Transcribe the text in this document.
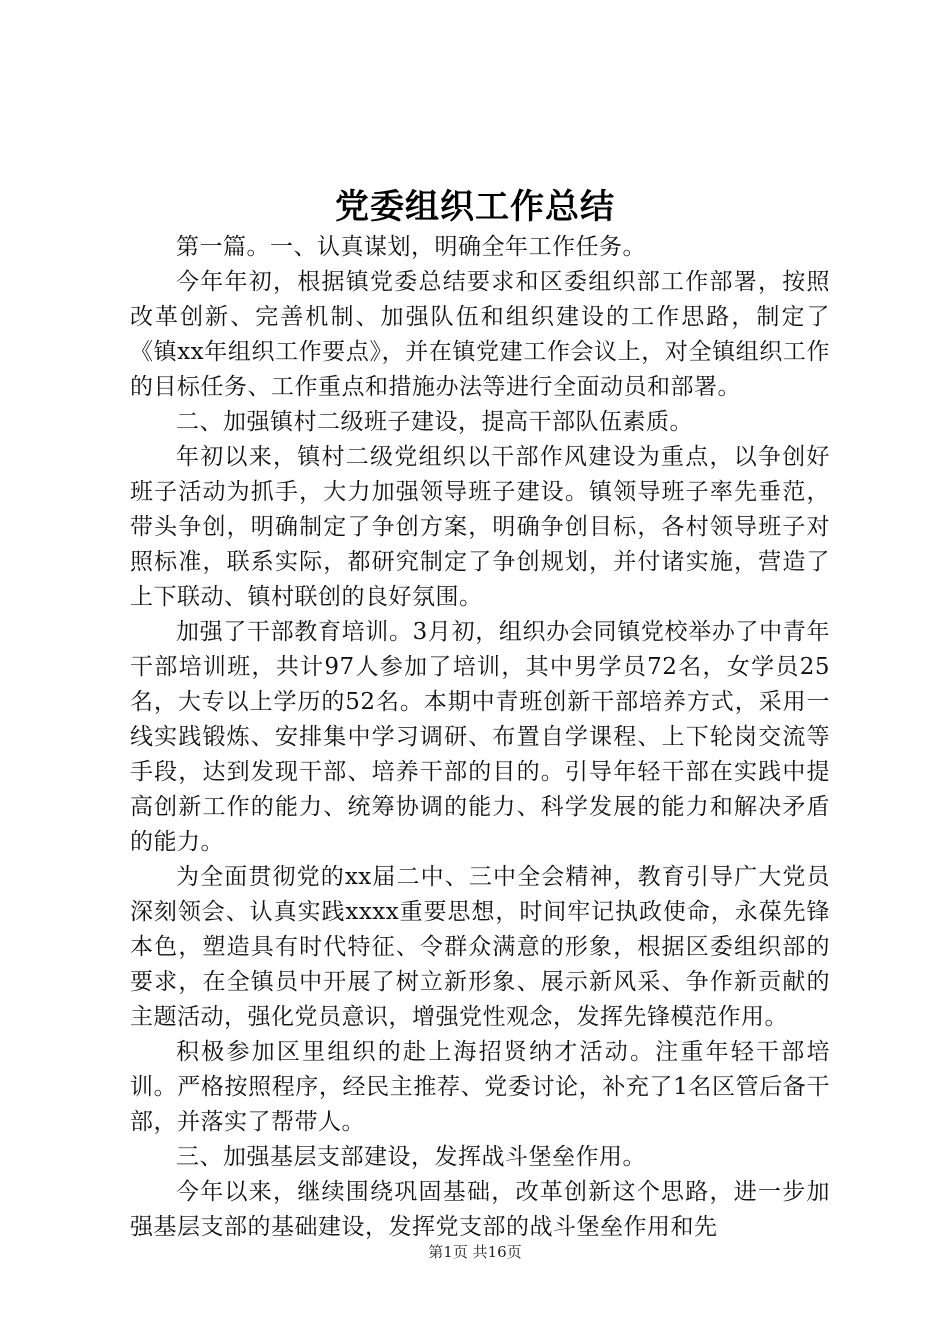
党委组织工作总结

第一篇。一、认真谋划，明确全年工作任务。

今年年初，根据镇党委总结要求和区委组织部工作部署，按照改革创新、完善机制、加强队伍和组织建设的工作思路，制定了《镇xx年组织工作要点》，并在镇党建工作会议上，对全镇组织工作的目标任务、工作重点和措施办法等进行全面动员和部署。

二、加强镇村二级班子建设，提高干部队伍素质。

年初以来，镇村二级党组织以干部作风建设为重点，以争创好班子活动为抓手，大力加强领导班子建设。镇领导班子率先垂范，带头争创，明确制定了争创方案，明确争创目标，各村领导班子对照标准，联系实际，都研究制定了争创规划，并付诸实施，营造了上下联动、镇村联创的良好氛围。

加强了干部教育培训。3月初，组织办会同镇党校举办了中青年干部培训班，共计97人参加了培训，其中男学员72名，女学员25名，大专以上学历的52名。本期中青班创新干部培养方式，采用一线实践锻炼、安排集中学习调研、布置自学课程、上下轮岗交流等手段，达到发现干部、培养干部的目的。引导年轻干部在实践中提高创新工作的能力、统筹协调的能力、科学发展的能力和解决矛盾的能力。

为全面贯彻党的xx届二中、三中全会精神，教育引导广大党员深刻领会、认真实践xxxx重要思想，时间牢记执政使命，永葆先锋本色，塑造具有时代特征、令群众满意的形象，根据区委组织部的要求，在全镇员中开展了树立新形象、展示新风采、争作新贡献的主题活动，强化党员意识，增强党性观念，发挥先锋模范作用。

积极参加区里组织的赴上海招贤纳才活动。注重年轻干部培训。严格按照程序，经民主推荐、党委讨论，补充了1名区管后备干部，并落实了帮带人。

三、加强基层支部建设，发挥战斗堡垒作用。

今年以来，继续围绕巩固基础，改革创新这个思路，进一步加强基层支部的基础建设，发挥党支部的战斗堡垒作用和先

第1页 共16页
